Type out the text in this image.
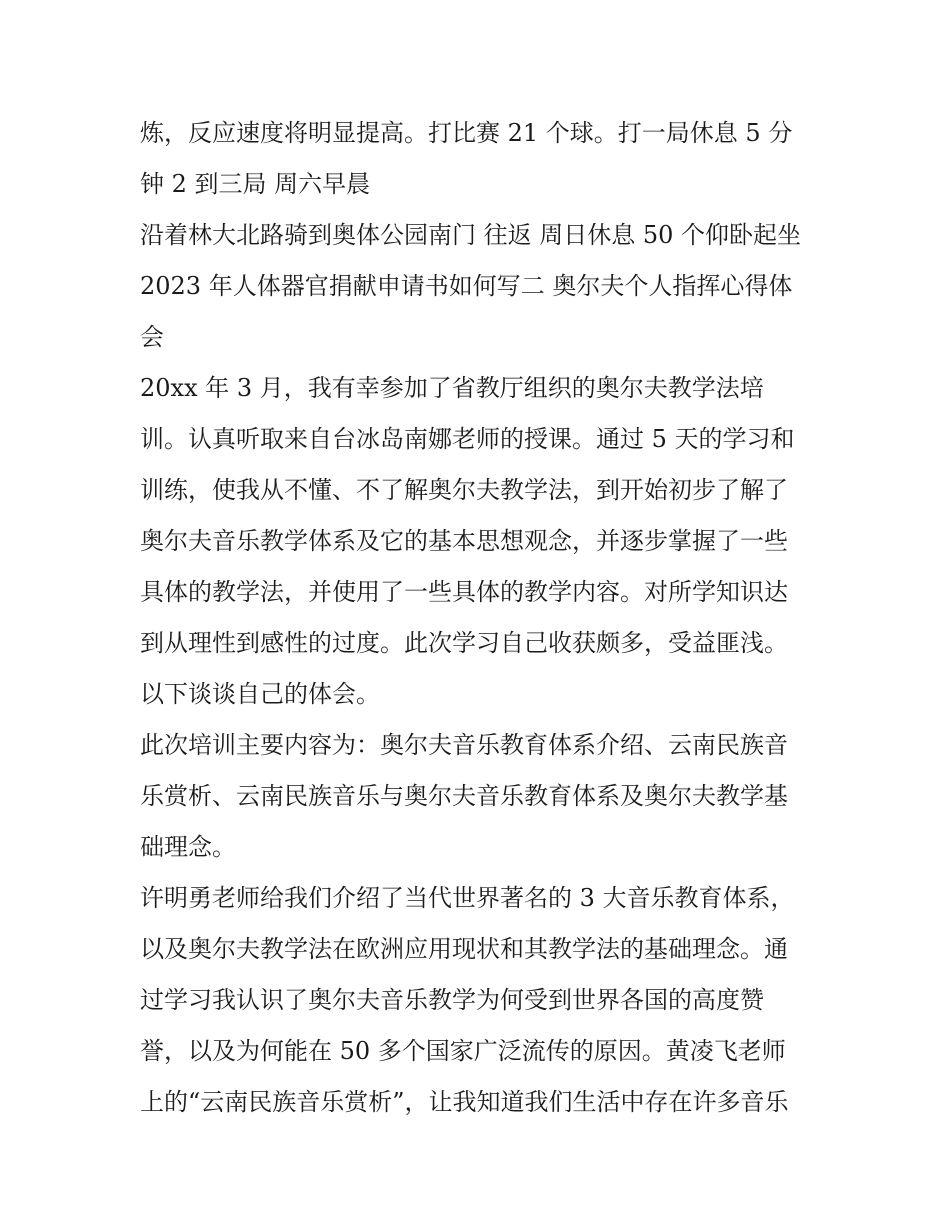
炼，反应速度将明显提高。打比赛 21 个球。打一局休息 5 分
钟 2 到三局 周六早晨
沿着林大北路骑到奥体公园南门 往返 周日休息 50 个仰卧起坐
2023 年人体器官捐献申请书如何写二 奥尔夫个人指挥心得体
会
20xx 年 3 月，我有幸参加了省教厅组织的奥尔夫教学法培
训。认真听取来自台冰岛南娜老师的授课。通过 5 天的学习和
训练，使我从不懂、不了解奥尔夫教学法，到开始初步了解了
奥尔夫音乐教学体系及它的基本思想观念，并逐步掌握了一些
具体的教学法，并使用了一些具体的教学内容。对所学知识达
到从理性到感性的过度。此次学习自己收获颇多，受益匪浅。
以下谈谈自己的体会。
此次培训主要内容为：奥尔夫音乐教育体系介绍、云南民族音
乐赏析、云南民族音乐与奥尔夫音乐教育体系及奥尔夫教学基
础理念。
许明勇老师给我们介绍了当代世界著名的 3 大音乐教育体系，
以及奥尔夫教学法在欧洲应用现状和其教学法的基础理念。通
过学习我认识了奥尔夫音乐教学为何受到世界各国的高度赞
誉，以及为何能在 50 多个国家广泛流传的原因。黄凌飞老师
上的“云南民族音乐赏析”，让我知道我们生活中存在许多音乐
